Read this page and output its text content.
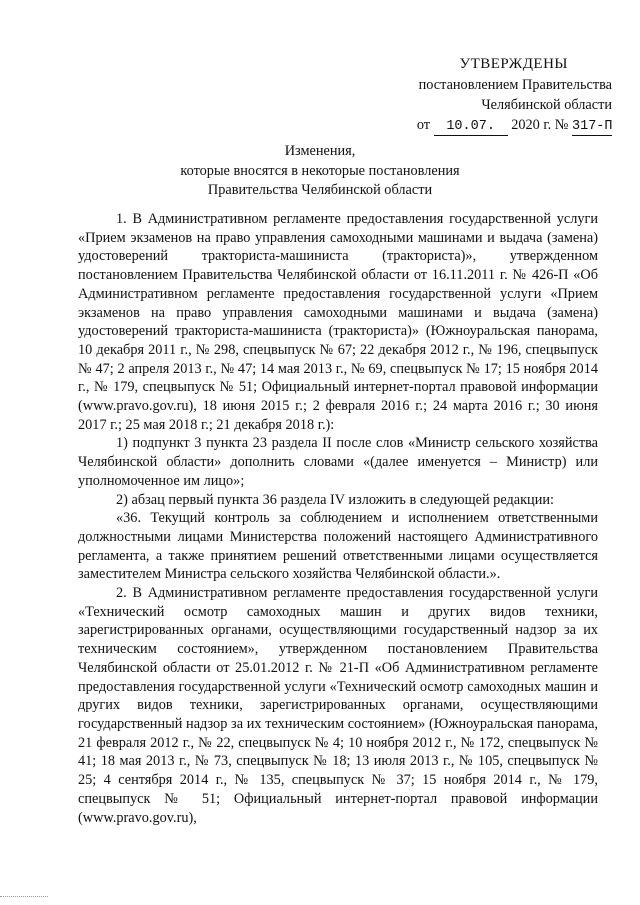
УТВЕРЖДЕНЫ
постановлением Правительства
Челябинской области
от 10.07. 2020 г. № 317-П
Изменения,
которые вносятся в некоторые постановления
Правительства Челябинской области

1. В Административном регламенте предоставления государственной услуги «Прием экзаменов на право управления самоходными машинами и выдача (замена) удостоверений тракториста-машиниста (тракториста)», утвержденном постановлением Правительства Челябинской области от 16.11.2011 г. № 426-П «Об Административном регламенте предоставления государственной услуги «Прием экзаменов на право управления самоходными машинами и выдача (замена) удостоверений тракториста-машиниста (тракториста)» (Южноуральская панорама, 10 декабря 2011 г., № 298, спецвыпуск № 67; 22 декабря 2012 г., № 196, спецвыпуск № 47; 2 апреля 2013 г., № 47; 14 мая 2013 г., № 69, спецвыпуск № 17; 15 ноября 2014 г., № 179, спецвыпуск № 51; Официальный интернет-портал правовой информации (www.pravo.gov.ru), 18 июня 2015 г.; 2 февраля 2016 г.; 24 марта 2016 г.; 30 июня 2017 г.; 25 мая 2018 г.; 21 декабря 2018 г.):

1) подпункт 3 пункта 23 раздела II после слов «Министр сельского хозяйства Челябинской области» дополнить словами «(далее именуется – Министр) или уполномоченное им лицо»;

2) абзац первый пункта 36 раздела IV изложить в следующей редакции:

«36. Текущий контроль за соблюдением и исполнением ответственными должностными лицами Министерства положений настоящего Административного регламента, а также принятием решений ответственными лицами осуществляется заместителем Министра сельского хозяйства Челябинской области.».

2. В Административном регламенте предоставления государственной услуги «Технический осмотр самоходных машин и других видов техники, зарегистрированных органами, осуществляющими государственный надзор за их техническим состоянием», утвержденном постановлением Правительства Челябинской области от 25.01.2012 г. № 21-П «Об Административном регламенте предоставления государственной услуги «Технический осмотр самоходных машин и других видов техники, зарегистрированных органами, осуществляющими государственный надзор за их техническим состоянием» (Южноуральская панорама, 21 февраля 2012 г., № 22, спецвыпуск № 4; 10 ноября 2012 г., № 172, спецвыпуск № 41; 18 мая 2013 г., № 73, спецвыпуск № 18; 13 июля 2013 г., № 105, спецвыпуск № 25; 4 сентября 2014 г., № 135, спецвыпуск № 37; 15 ноября 2014 г., № 179, спецвыпуск № 51; Официальный интернет-портал правовой информации (www.pravo.gov.ru),
